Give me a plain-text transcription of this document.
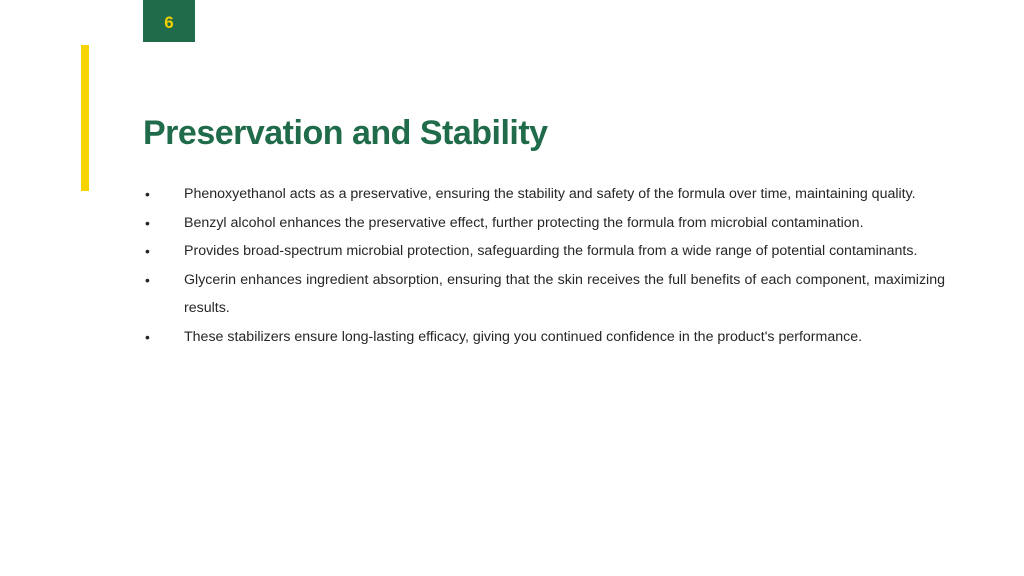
6
Preservation and Stability
• Phenoxyethanol acts as a preservative, ensuring the stability and safety of the formula over time, maintaining quality.
• Benzyl alcohol enhances the preservative effect, further protecting the formula from microbial contamination.
• Provides broad-spectrum microbial protection, safeguarding the formula from a wide range of potential contaminants.
• Glycerin enhances ingredient absorption, ensuring that the skin receives the full benefits of each component, maximizing results.
• These stabilizers ensure long-lasting efficacy, giving you continued confidence in the product's performance.
